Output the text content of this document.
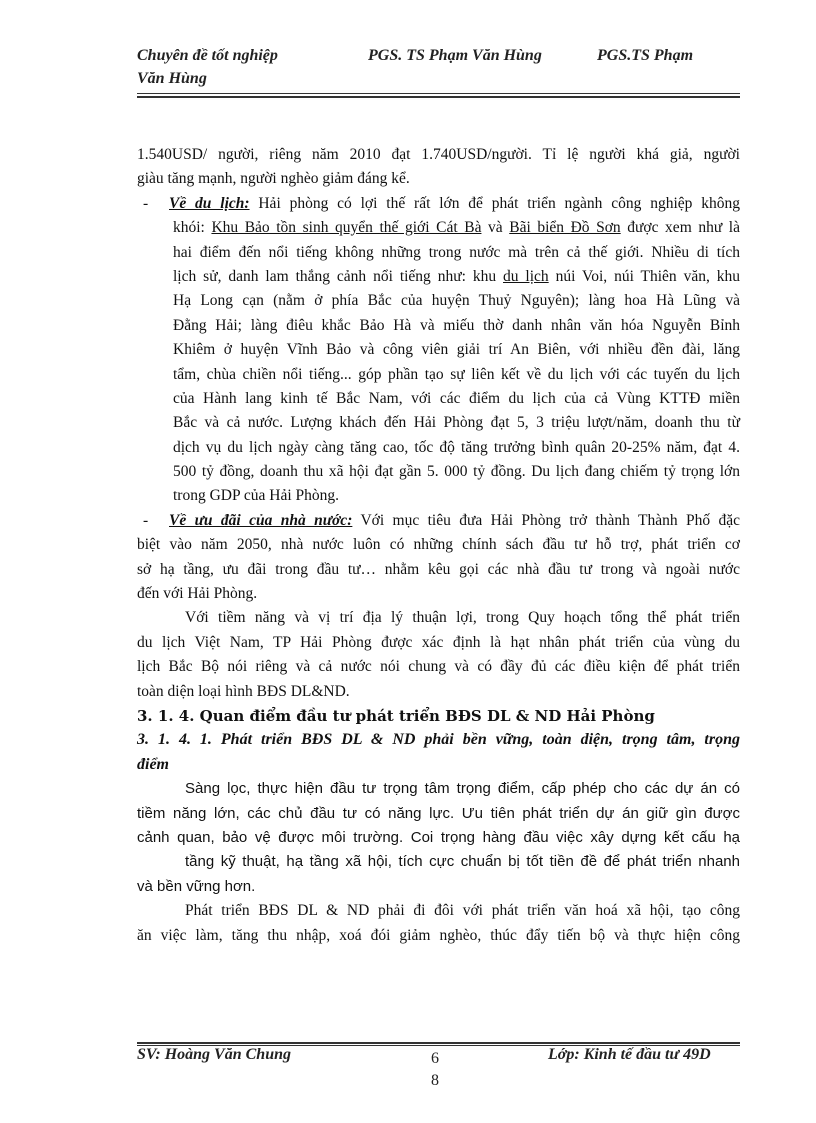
Chuyên đề tốt nghiệp	PGS. TS Phạm Văn Hùng	PGS.TS Phạm
Văn Hùng
1.540USD/ người, riêng năm 2010 đạt 1.740USD/người. Tỉ lệ người khá giả, người
giàu tăng mạnh, người nghèo giảm đáng kể.
- Về du lịch: Hải phòng có lợi thế rất lớn để phát triển ngành công nghiệp không
khói: Khu Bảo tồn sinh quyển thế giới Cát Bà và Bãi biển Đồ Sơn được xem như là
hai điểm đến nổi tiếng không những trong nước mà trên cả thế giới. Nhiều di tích
lịch sử, danh lam thắng cảnh nổi tiếng như: khu du lịch núi Voi, núi Thiên văn, khu
Hạ Long cạn (nằm ở phía Bắc của huyện Thuỷ Nguyên); làng hoa Hà Lũng và
Đằng Hải; làng điêu khắc Bảo Hà và miếu thờ danh nhân văn hóa Nguyễn Bỉnh
Khiêm ở huyện Vĩnh Bảo và công viên giải trí An Biên, với nhiều đền đài, lăng
tẩm, chùa chiền nổi tiếng... góp phần tạo sự liên kết về du lịch với các tuyến du lịch
của Hành lang kinh tế Bắc Nam, với các điểm du lịch của cả Vùng KTTĐ miền
Bắc và cả nước. Lượng khách đến Hải Phòng đạt 5, 3 triệu lượt/năm, doanh thu từ
dịch vụ du lịch ngày càng tăng cao, tốc độ tăng trưởng bình quân 20-25% năm, đạt 4.
500 tỷ đồng, doanh thu xã hội đạt gần 5. 000 tỷ đồng. Du lịch đang chiếm tỷ trọng lớn
trong GDP của Hải Phòng.
- Về ưu đãi của nhà nước: Với mục tiêu đưa Hải Phòng trở thành Thành Phố đặc
biệt vào năm 2050, nhà nước luôn có những chính sách đầu tư hỗ trợ, phát triển cơ
sở hạ tầng, ưu đãi trong đầu tư… nhằm kêu gọi các nhà đầu tư trong và ngoài nước
đến với Hải Phòng.
Với tiềm năng và vị trí địa lý thuận lợi, trong Quy hoạch tổng thể phát triển
du lịch Việt Nam, TP Hải Phòng được xác định là hạt nhân phát triển của vùng du
lịch Bắc Bộ nói riêng và cả nước nói chung và có đầy đủ các điều kiện để phát triển
toàn diện loại hình BĐS DL&ND.
3. 1. 4. Quan điểm đầu tư phát triển BĐS DL & ND Hải Phòng
3. 1. 4. 1. Phát triển BĐS DL & ND phải bền vững, toàn diện, trọng tâm, trọng
điểm
Sàng lọc, thực hiện đầu tư trọng tâm trọng điểm, cấp phép cho các dự án có
tiềm năng lớn, các chủ đầu tư có năng lực. Ưu tiên phát triển dự án giữ gìn được
cảnh quan, bảo vệ được môi trường. Coi trọng hàng đầu việc xây dựng kết cấu hạ
tầng kỹ thuật, hạ tầng xã hội, tích cực chuẩn bị tốt tiền đề để phát triển nhanh
và bền vững hơn.
Phát triển BĐS DL & ND phải đi đôi với phát triển văn hoá xã hội, tạo công
ăn việc làm, tăng thu nhập, xoá đói giảm nghèo, thúc đẩy tiến bộ và thực hiện công
SV: Hoàng Văn Chung	6
8
Lớp: Kinh tế đầu tư 49D
